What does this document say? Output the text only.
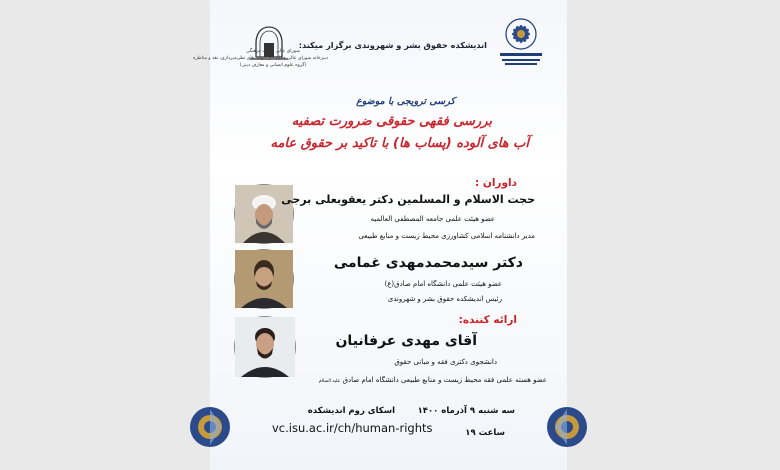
اندیشکده حقوق بشر و شهروندی برگزار میکند:
شورای عالی انقلاب فرهنگی
دبیرخانه شورای عالی حمایت از کرسی‌های نظریه‌پردازی، نقد و مناظره
(گروه علوم انسانی و معارف دینی)
کرسی ترویجی با موضوع
بررسی فقهی حقوقی ضرورت تصفیه
آب های آلوده (پساب ها) با تاکید بر حقوق عامه
داوران :
حجت الاسلام و المسلمین دکتر یعقوبعلی برجی
عضو هیئت علمی جامعه المصطفی العالمیه
مدیر دانشنامه اسلامی کشاورزی محیط زیست و منابع طبیعی
دکتر سیدمحمدمهدی غمامی
عضو هیئت علمی دانشگاه امام صادق(ع)
رئیس اندیشکده حقوق بشر و شهروندی
ارائه کننده:
آقای مهدی عرفانیان
دانشجوی دکتری فقه و مبانی حقوق
عضو هسته علمی فقه محیط زیست و منابع طبیعی دانشگاه امام صادق علیه السلام
سه شنبه ۹ آذرماه ۱۴۰۰
اسکای روم اندیشکده
vc.isu.ac.ir/ch/human-rights	ساعت ۱۹
